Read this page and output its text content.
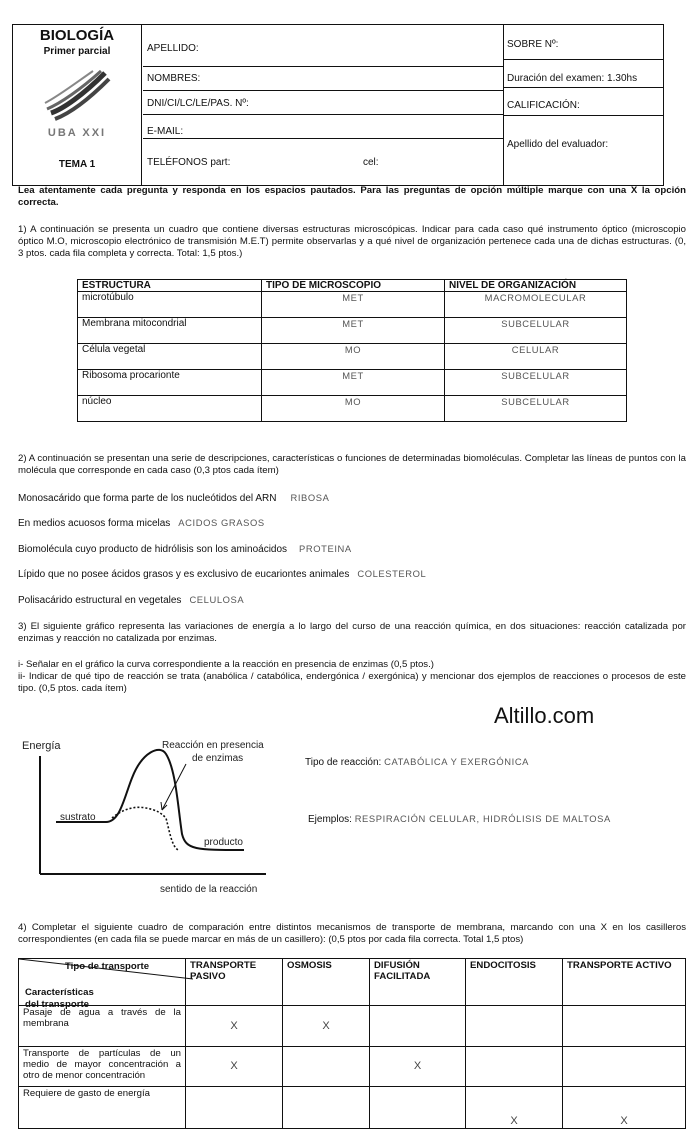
BIOLOGÍA
Primer parcial
UBA XXI
TEMA 1
APELLIDO:
NOMBRES:
DNI/CI/LC/LE/PAS. Nº:
E-MAIL:
TELÉFONOS part:	cel:
SOBRE Nº:
Duración del examen: 1.30hs
CALIFICACIÓN:
Apellido del evaluador:
Lea atentamente cada pregunta y responda en los espacios pautados. Para las preguntas de opción múltiple marque con una X la opción correcta.
1) A continuación se presenta un cuadro que contiene diversas estructuras microscópicas. Indicar para cada caso qué instrumento óptico (microscopio óptico M.O, microscopio electrónico de transmisión M.E.T) permite observarlas y a qué nivel de organización pertenece cada una de dichas estructuras. (0, 3 ptos. cada fila completa y correcta. Total: 1,5 ptos.)
ESTRUCTURA	TIPO DE MICROSCOPIO	NIVEL DE ORGANIZACIÓN
microtúbulo	MET	MACROMOLECULAR
Membrana mitocondrial	MET	SUBCELULAR
Célula vegetal	MO	CELULAR
Ribosoma procarionte	MET	SUBCELULAR
núcleo	MO	SUBCELULAR
2) A continuación se presentan una serie de descripciones, características o funciones de determinadas biomoléculas. Completar las líneas de puntos con la molécula que corresponde en cada caso (0,3 ptos cada ítem)
Monosacárido que forma parte de los nucleótidos del ARN RIBOSA
En medios acuosos forma micelas ACIDOS GRASOS
Biomolécula cuyo producto de hidrólisis son los aminoácidos PROTEINA
Lípido que no posee ácidos grasos y es exclusivo de eucariontes animales COLESTEROL
Polisacárido estructural en vegetales CELULOSA
3) El siguiente gráfico representa las variaciones de energía a lo largo del curso de una reacción química, en dos situaciones: reacción catalizada por enzimas y reacción no catalizada por enzimas.
i- Señalar en el gráfico la curva correspondiente a la reacción en presencia de enzimas (0,5 ptos.)
ii- Indicar de qué tipo de reacción se trata (anabólica / catabólica, endergónica / exergónica) y mencionar dos ejemplos de reacciones o procesos de este tipo. (0,5 ptos. cada ítem)
Altillo.com
Energía	Reacción en presencia
de enzimas
sustrato
producto
sentido de la reacción
Tipo de reacción: CATABÓLICA Y EXERGÓNICA
Ejemplos: RESPIRACIÓN CELULAR, HIDRÓLISIS DE MALTOSA
4) Completar el siguiente cuadro de comparación entre distintos mecanismos de transporte de membrana, marcando con una X en los casilleros correspondientes (en cada fila se puede marcar en más de un casillero): (0,5 ptos por cada fila correcta. Total 1,5 ptos)
Tipo de transporte
Características
del transporte	TRANSPORTE PASIVO	OSMOSIS	DIFUSIÓN FACILITADA	ENDOCITOSIS	TRANSPORTE ACTIVO
Pasaje de agua a través de la membrana	X	X			
Transporte de partículas de un medio de mayor concentración a otro de menor concentración	X		X		
Requiere de gasto de energía				X	X
